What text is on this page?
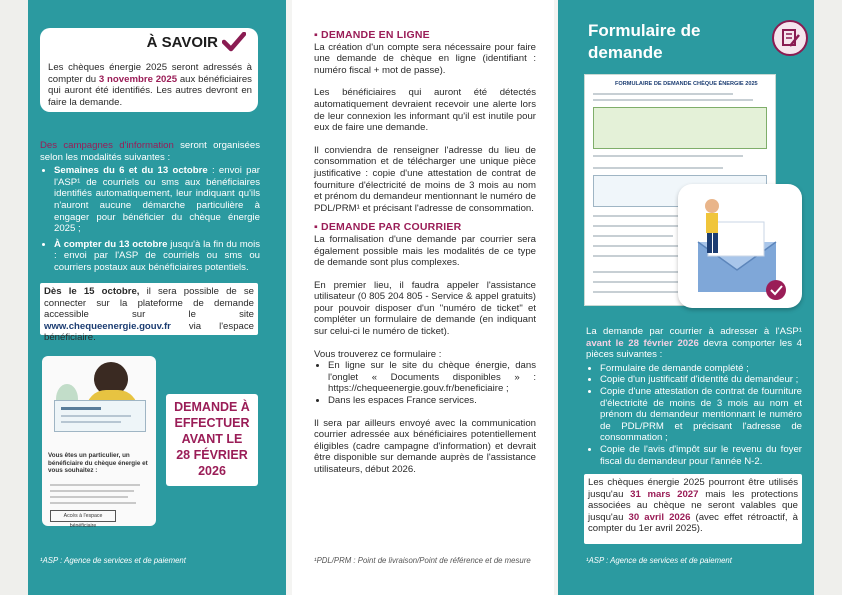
À SAVOIR
Les chèques énergie 2025 seront adressés à compter du 3 novembre 2025 aux bénéficiaires qui auront été identifiés. Les autres devront en faire la demande.
Des campagnes d'information seront organisées selon les modalités suivantes :
• Semaines du 6 et du 13 octobre : envoi par l'ASP¹ de courriels ou sms aux bénéficiaires identifiés automatiquement, leur indiquant qu'ils n'auront aucune démarche particulière à engager pour bénéficier du chèque énergie 2025 ;
• À compter du 13 octobre jusqu'à la fin du mois : envoi par l'ASP de courriels ou sms ou courriers postaux aux bénéficiaires potentiels.
Dès le 15 octobre, il sera possible de se connecter sur la plateforme de demande accessible sur le site www.chequeenergie.gouv.fr via l'espace bénéficiaire.
Vous êtes un particulier, un bénéficiaire du chèque énergie et vous souhaitez :
Accès à l'espace bénéficiaire
DEMANDE À
EFFECTUER
AVANT LE
28 FÉVRIER
2026
¹ASP : Agence de services et de paiement
▪ DEMANDE EN LIGNE
La création d'un compte sera nécessaire pour faire une demande de chèque en ligne (identifiant : numéro fiscal + mot de passe).
Les bénéficiaires qui auront été détectés automatiquement devraient recevoir une alerte lors de leur connexion les informant qu'il est inutile pour eux de faire une demande.
Il conviendra de renseigner l'adresse du lieu de consommation et de télécharger une unique pièce justificative : copie d'une attestation de contrat de fourniture d'électricité de moins de 3 mois au nom et prénom du demandeur mentionnant le numéro de PDL/PRM¹ et précisant l'adresse de consommation.
▪ DEMANDE PAR COURRIER
La formalisation d'une demande par courrier sera également possible mais les modalités de ce type de demande sont plus complexes.
En premier lieu, il faudra appeler l'assistance utilisateur (0 805 204 805 - Service & appel gratuits) pour pouvoir disposer d'un "numéro de ticket" et compléter un formulaire de demande (en indiquant sur celui-ci le numéro de ticket).
Vous trouverez ce formulaire :
• En ligne sur le site du chèque énergie, dans l'onglet « Documents disponibles » : https://chequeenergie.gouv.fr/beneficiaire ;
• Dans les espaces France services.
Il sera par ailleurs envoyé avec la communication courrier adressée aux bénéficiaires potentiellement éligibles (cadre campagne d'information) et devrait être disponible sur demande auprès de l'assistance utilisateurs, début 2026.
¹PDL/PRM : Point de livraison/Point de référence et de mesure
Formulaire de
demande
FORMULAIRE DE DEMANDE CHÈQUE ÉNERGIE 2025
La demande par courrier à adresser à l'ASP¹ avant le 28 février 2026 devra comporter les 4 pièces suivantes :
• Formulaire de demande complété ;
• Copie d'un justificatif d'identité du demandeur ;
• Copie d'une attestation de contrat de fourniture d'électricité de moins de 3 mois au nom et prénom du demandeur mentionnant le numéro de PDL/PRM et précisant l'adresse de consommation ;
• Copie de l'avis d'impôt sur le revenu du foyer fiscal du demandeur pour l'année N-2.
Les chèques énergie 2025 pourront être utilisés jusqu'au 31 mars 2027 mais les protections associées au chèque ne seront valables que jusqu'au 30 avril 2026 (avec effet rétroactif, à compter du 1er avril 2025).
¹ASP : Agence de services et de paiement
